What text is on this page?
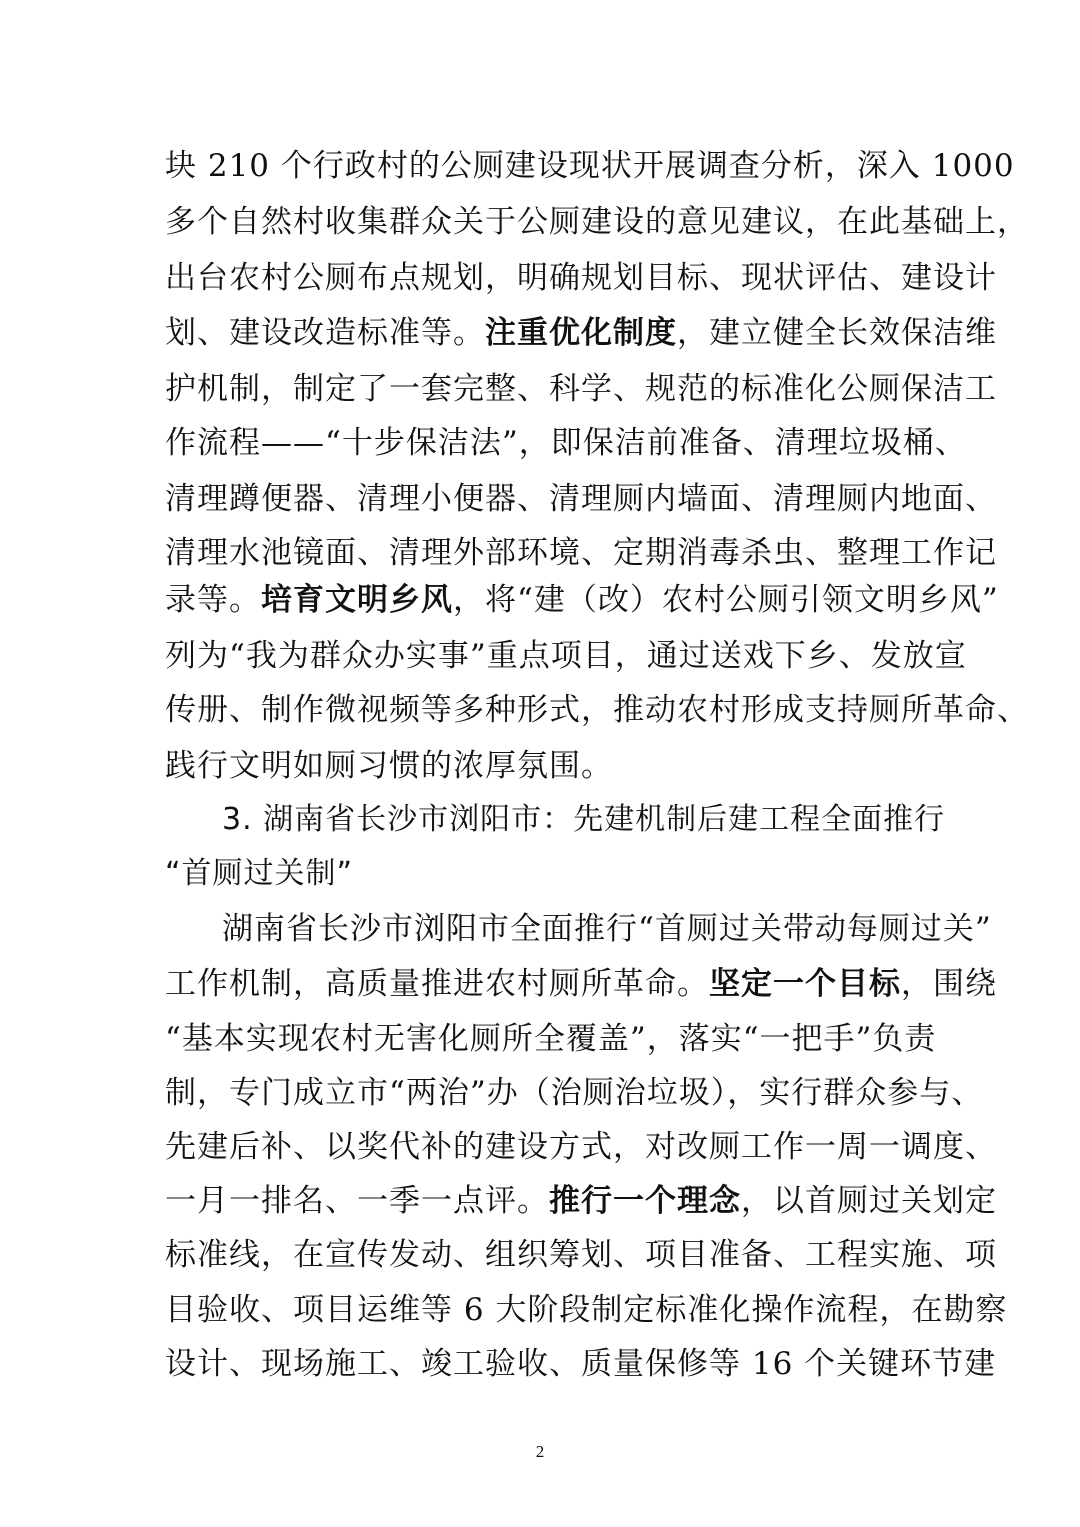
块 210 个行政村的公厕建设现状开展调查分析，深入 1000
多个自然村收集群众关于公厕建设的意见建议，在此基础上，
出台农村公厕布点规划，明确规划目标、现状评估、建设计
划、建设改造标准等。注重优化制度，建立健全长效保洁维
护机制，制定了一套完整、科学、规范的标准化公厕保洁工
作流程——“十步保洁法”，即保洁前准备、清理垃圾桶、
清理蹲便器、清理小便器、清理厕内墙面、清理厕内地面、
清理水池镜面、清理外部环境、定期消毒杀虫、整理工作记
录等。培育文明乡风，将“建（改）农村公厕引领文明乡风”
列为“我为群众办实事”重点项目，通过送戏下乡、发放宣
传册、制作微视频等多种形式，推动农村形成支持厕所革命、
践行文明如厕习惯的浓厚氛围。
3. 湖南省长沙市浏阳市：先建机制后建工程全面推行
“首厕过关制”
湖南省长沙市浏阳市全面推行“首厕过关带动每厕过关”
工作机制，高质量推进农村厕所革命。坚定一个目标，围绕
“基本实现农村无害化厕所全覆盖”，落实“一把手”负责
制，专门成立市“两治”办（治厕治垃圾），实行群众参与、
先建后补、以奖代补的建设方式，对改厕工作一周一调度、
一月一排名、一季一点评。推行一个理念，以首厕过关划定
标准线，在宣传发动、组织筹划、项目准备、工程实施、项
目验收、项目运维等 6 大阶段制定标准化操作流程，在勘察
设计、现场施工、竣工验收、质量保修等 16 个关键环节建
2
